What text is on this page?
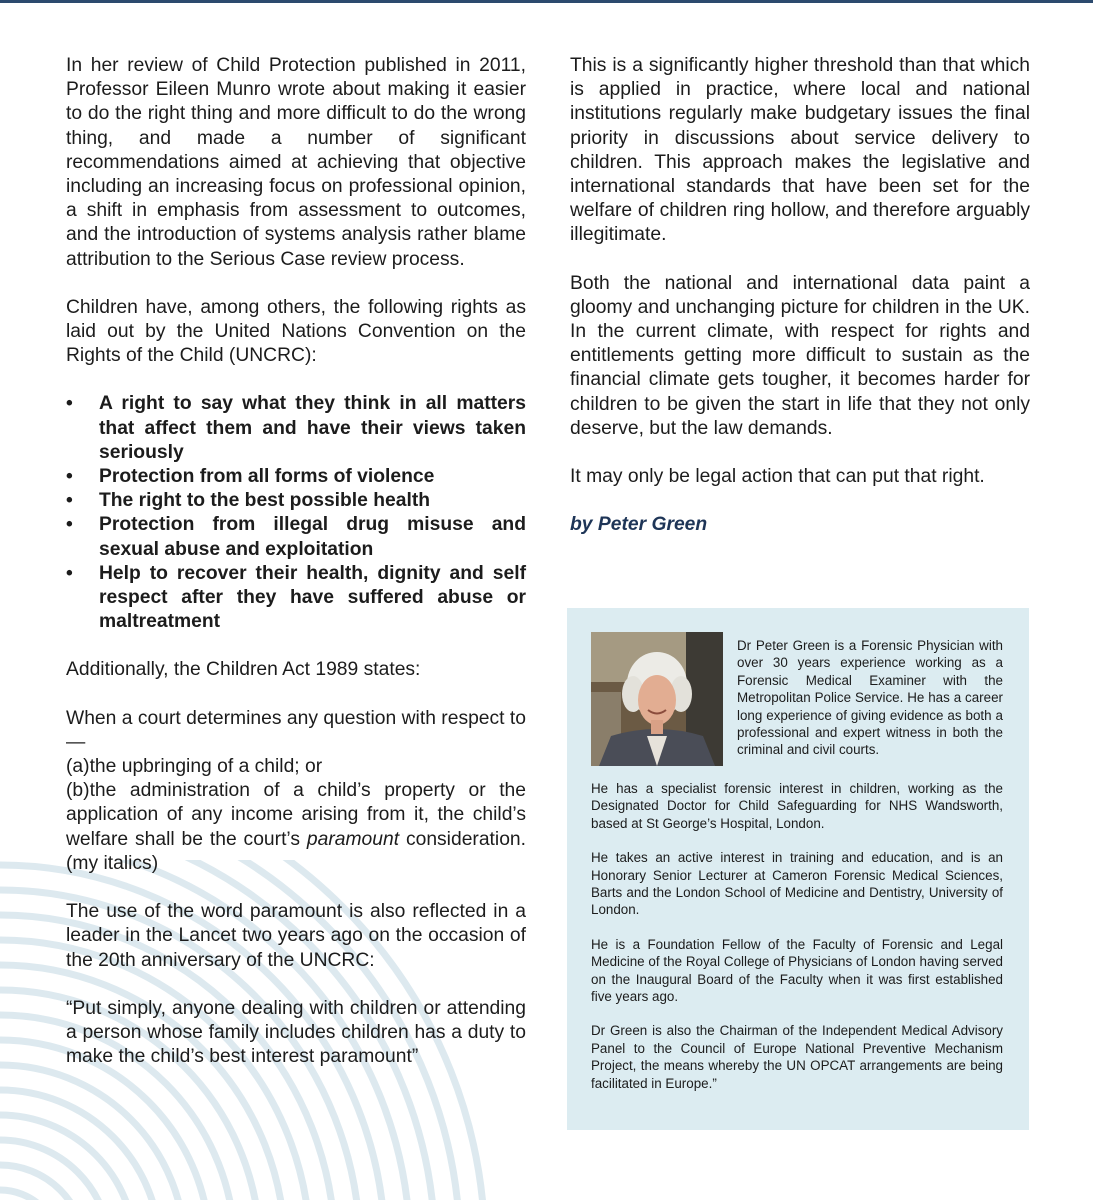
In her review of Child Protection published in 2011, Professor Eileen Munro wrote about making it easier to do the right thing and more difficult to do the wrong thing, and made a number of significant recommendations aimed at achieving that objective including an increasing focus on professional opinion, a shift in emphasis from assessment to outcomes, and the introduction of systems analysis rather blame attribution to the Serious Case review process.

Children have, among others, the following rights as laid out by the United Nations Convention on the Rights of the Child (UNCRC):

• A right to say what they think in all matters that affect them and have their views taken seriously
• Protection from all forms of violence
• The right to the best possible health
• Protection from illegal drug misuse and sexual abuse and exploitation
• Help to recover their health, dignity and self respect after they have suffered abuse or maltreatment

Additionally, the Children Act 1989 states:

When a court determines any question with respect to—
(a)the upbringing of a child; or
(b)the administration of a child’s property or the application of any income arising from it, the child’s welfare shall be the court’s paramount consideration. (my italics)

The use of the word paramount is also reflected in a leader in the Lancet two years ago on the occasion of the 20th anniversary of the UNCRC:

“Put simply, anyone dealing with children or attending a person whose family includes children has a duty to make the child’s best interest paramount”

This is a significantly higher threshold than that which is applied in practice, where local and national institutions regularly make budgetary issues the final priority in discussions about service delivery to children. This approach makes the legislative and international standards that have been set for the welfare of children ring hollow, and therefore arguably illegitimate.

Both the national and international data paint a gloomy and unchanging picture for children in the UK. In the current climate, with respect for rights and entitlements getting more difficult to sustain as the financial climate gets tougher, it becomes harder for children to be given the start in life that they not only deserve, but the law demands.

It may only be legal action that can put that right.

by Peter Green

Dr Peter Green is a Forensic Physician with over 30 years experience working as a Forensic Medical Examiner with the Metropolitan Police Service. He has a career long experience of giving evidence as both a professional and expert witness in both the criminal and civil courts.

He has a specialist forensic interest in children, working as the Designated Doctor for Child Safeguarding for NHS Wandsworth, based at St George’s Hospital, London.

He takes an active interest in training and education, and is an Honorary Senior Lecturer at Cameron Forensic Medical Sciences, Barts and the London School of Medicine and Dentistry, University of London.

He is a Foundation Fellow of the Faculty of Forensic and Legal Medicine of the Royal College of Physicians of London having served on the Inaugural Board of the Faculty when it was first established five years ago.

Dr Green is also the Chairman of the Independent Medical Advisory Panel to the Council of Europe National Preventive Mechanism Project, the means whereby the UN OPCAT arrangements are being facilitated in Europe.”
